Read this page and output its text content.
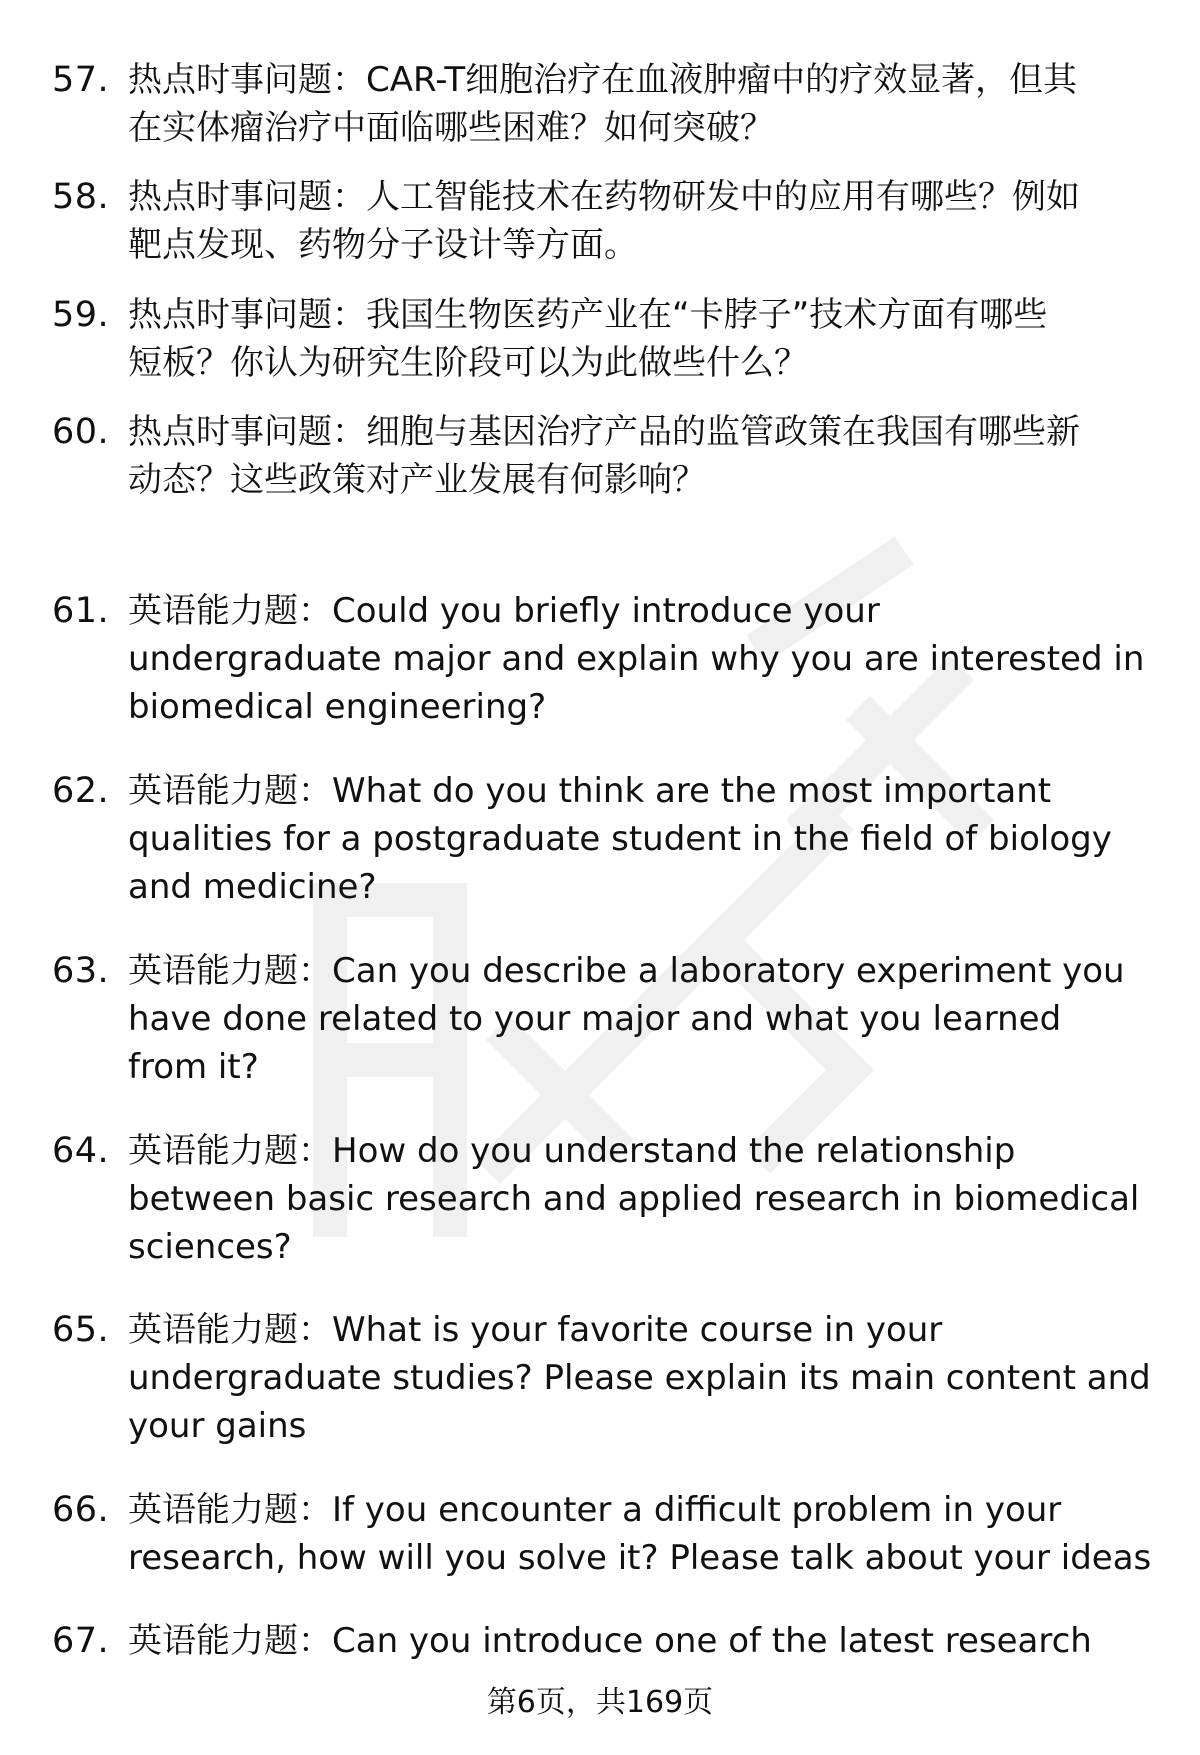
57. 热点时事问题：CAR-T细胞治疗在血液肿瘤中的疗效显著，但其
在实体瘤治疗中面临哪些困难？如何突破？
58. 热点时事问题：人工智能技术在药物研发中的应用有哪些？例如
靶点发现、药物分子设计等方面。
59. 热点时事问题：我国生物医药产业在“卡脖子”技术方面有哪些
短板？你认为研究生阶段可以为此做些什么？
60. 热点时事问题：细胞与基因治疗产品的监管政策在我国有哪些新
动态？这些政策对产业发展有何影响？
61. 英语能力题：Could you briefly introduce your
undergraduate major and explain why you are interested in
biomedical engineering?
62. 英语能力题：What do you think are the most important
qualities for a postgraduate student in the field of biology
and medicine?
63. 英语能力题：Can you describe a laboratory experiment you
have done related to your major and what you learned
from it?
64. 英语能力题：How do you understand the relationship
between basic research and applied research in biomedical
sciences?
65. 英语能力题：What is your favorite course in your
undergraduate studies? Please explain its main content and
your gains
66. 英语能力题：If you encounter a difficult problem in your
research, how will you solve it? Please talk about your ideas
67. 英语能力题：Can you introduce one of the latest research
第6页，共169页
